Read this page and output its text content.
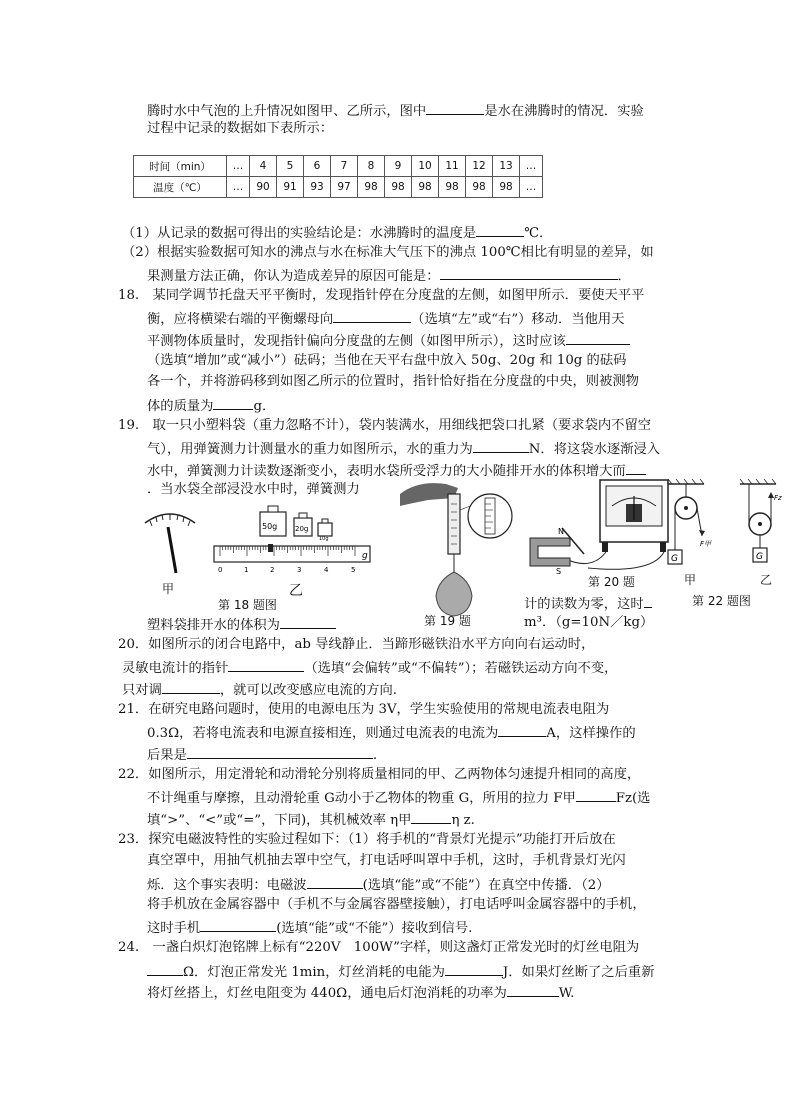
腾时水中气泡的上升情况如图甲、乙所示，图中	是水在沸腾时的情况．实验
过程中记录的数据如下表所示：
时间（min）	…	4	5	6	7	8	9	10	11	12	13	…
温度（℃）	…	90	91	93	97	98	98	98	98	98	98	…
（1）从记录的数据可得出的实验结论是：水沸腾时的温度是	℃．
（2）根据实验数据可知水的沸点与水在标准大气压下的沸点 100℃相比有明显的差异，如
果测量方法正确，你认为造成差异的原因可能是：	．
18.　某同学调节托盘天平平衡时，发现指针停在分度盘的左侧，如图甲所示．要使天平平
衡，应将横梁右端的平衡螺母向	（选填“左”或“右”）移动．当他用天
平测物体质量时，发现指针偏向分度盘的左侧（如图甲所示），这时应该
（选填“增加”或“减小”）砝码；当他在天平右盘中放入 50g、20g 和 10g 的砝码
各一个，并将游码移到如图乙所示的位置时，指针恰好指在分度盘的中央，则被测物
体的质量为	g．
19.　取一只小塑料袋（重力忽略不计），袋内装满水，用细线把袋口扎紧（要求袋内不留空
气），用弹簧测力计测量水的重力如图所示，水的重力为	N．将这袋水逐渐浸入
水中，弹簧测力计读数逐渐变小，表明水袋所受浮力的大小随排开水的体积增大而
．当水袋全部浸没水中时，弹簧测力
甲
50g	20g
10g
g
0	1	2	3	4	5
乙
第 18 题图
第 19 题
N
S
第 20 题
G
F甲
Fz
G
甲	乙
第 22 题图
塑料袋排开水的体积为
计的读数为零，这时
m³．（g=10N／kg）
20．如图所示的闭合电路中，ab 导线静止．当蹄形磁铁沿水平方向向右运动时，
灵敏电流计的指针	（选填“会偏转”或“不偏转”）；若磁铁运动方向不变，
只对调	，就可以改变感应电流的方向.
21．在研究电路问题时，使用的电源电压为 3V，学生实验使用的常规电流表电阻为
0.3Ω，若将电流表和电源直接相连，则通过电流表的电流为	A，这样操作的
后果是	.
22．如图所示，用定滑轮和动滑轮分别将质量相同的甲、乙两物体匀速提升相同的高度，
不计绳重与摩擦，且动滑轮重 G动小于乙物体的物重 G，所用的拉力 F甲	Fz(选
填“>”、“<”或“=”，下同)，其机械效率 η甲	η z.
23．探究电磁波特性的实验过程如下：（1）将手机的“背景灯光提示”功能打开后放在
真空罩中，用抽气机抽去罩中空气，打电话呼叫罩中手机，这时，手机背景灯光闪
烁．这个事实表明：电磁波	(选填“能”或“不能”）在真空中传播．（2）
将手机放在金属容器中（手机不与金属容器壁接触），打电话呼叫金属容器中的手机，
这时手机	(选填“能”或“不能”）接收到信号.
24.　一盏白炽灯泡铭牌上标有“220V　100W”字样，则这盏灯正常发光时的灯丝电阻为
Ω．灯泡正常发光 1min，灯丝消耗的电能为	J．如果灯丝断了之后重新
将灯丝搭上，灯丝电阻变为 440Ω，通电后灯泡消耗的功率为	W.
